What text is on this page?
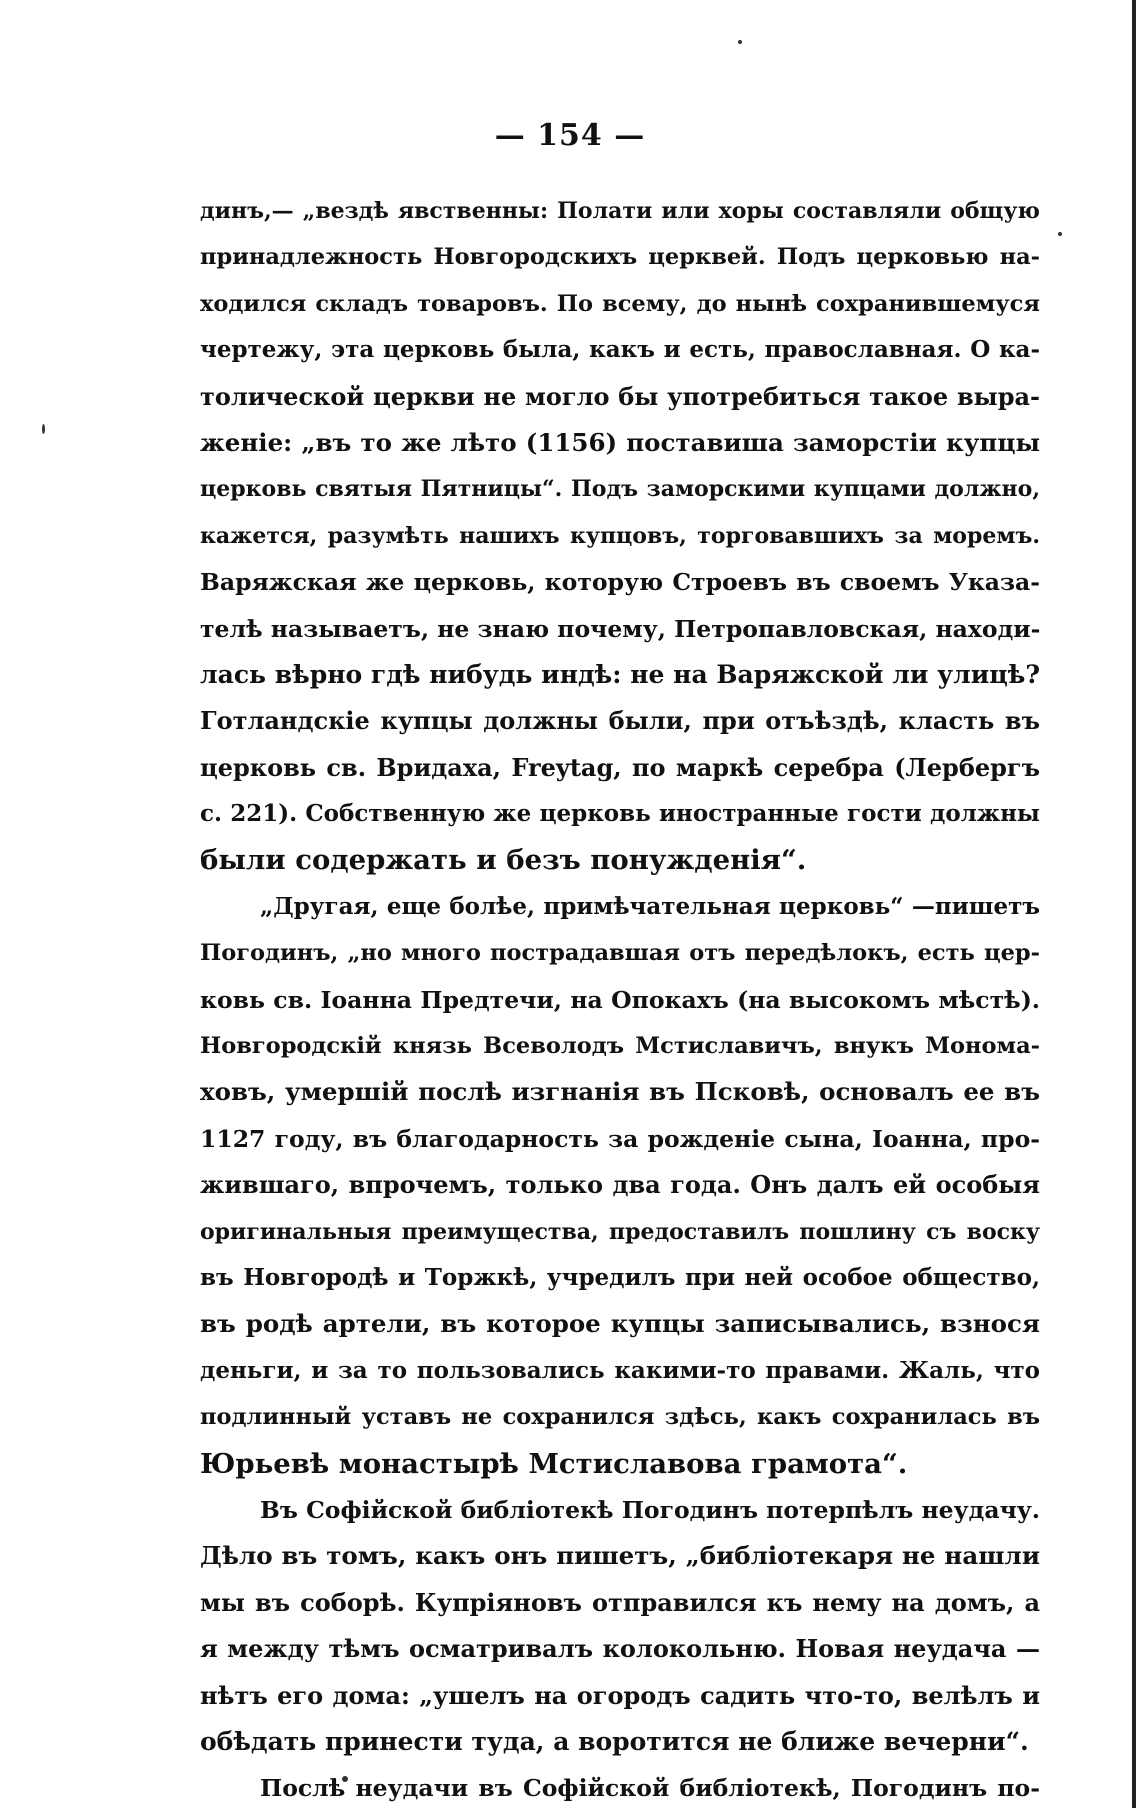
— 154 —
динъ,— „вездѣ явственны: Полати или хоры составляли общую
принадлежность Новгородскихъ церквей. Подъ церковью на-
ходился складъ товаровъ. По всему, до нынѣ сохранившемуся
чертежу, эта церковь была, какъ и есть, православная. О ка-
толической церкви не могло бы употребиться такое выра-
женіе: „въ то же лѣто (1156) поставиша заморстіи купцы
церковь святыя Пятницы“. Подъ заморскими купцами должно,
кажется, разумѣть нашихъ купцовъ, торговавшихъ за моремъ.
Варяжская же церковь, которую Строевъ въ своемъ Указа-
телѣ называетъ, не знаю почему, Петропавловская, находи-
лась вѣрно гдѣ нибудь индѣ: не на Варяжской ли улицѣ?
Готландскіе купцы должны были, при отъѣздѣ, класть въ
церковь св. Вридаха, Freytag, по маркѣ серебра (Лербергъ
с. 221). Собственную же церковь иностранные гости должны
были содержать и безъ понужденія“.
„Другая, еще болѣе, примѣчательная церковь“ —пишетъ
Погодинъ, „но много пострадавшая отъ передѣлокъ, есть цер-
ковь св. Іоанна Предтечи, на Опокахъ (на высокомъ мѣстѣ).
Новгородскій князь Всеволодъ Мстиславичъ, внукъ Монома-
ховъ, умершій послѣ изгнанія въ Псковѣ, основалъ ее въ
1127 году, въ благодарность за рожденіе сына, Іоанна, про-
жившаго, впрочемъ, только два года. Онъ далъ ей особыя
оригинальныя преимущества, предоставилъ пошлину съ воску
въ Новгородѣ и Торжкѣ, учредилъ при ней особое общество,
въ родѣ артели, въ которое купцы записывались, взнося
деньги, и за то пользовались какими-то правами. Жаль, что
подлинный уставъ не сохранился здѣсь, какъ сохранилась въ
Юрьевѣ монастырѣ Мстиславова грамота“.
Въ Софійской библіотекѣ Погодинъ потерпѣлъ неудачу.
Дѣло въ томъ, какъ онъ пишетъ, „библіотекаря не нашли
мы въ соборѣ. Купріяновъ отправился къ нему на домъ, а
я между тѣмъ осматривалъ колокольню. Новая неудача —
нѣтъ его дома: „ушелъ на огородъ садить что-то, велѣлъ и
обѣдать принести туда, а воротится не ближе вечерни“.
Послѣ неудачи въ Софійской библіотекѣ, Погодинъ по-
